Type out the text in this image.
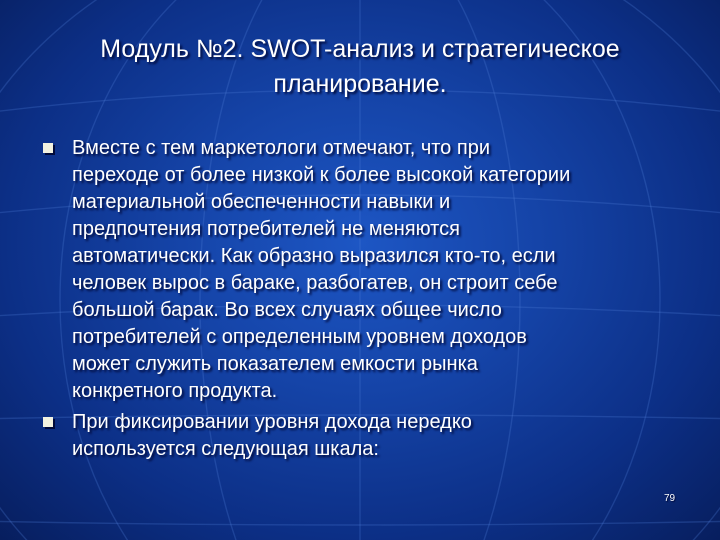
Модуль №2. SWOT-анализ и стратегическое
планирование.
Вместе с тем маркетологи отмечают, что при
переходе от более низкой к более высокой категории
материальной обеспеченности навыки и
предпочтения потребителей не меняются
автоматически. Как образно выразился кто-то, если
человек вырос в бараке, разбогатев, он строит себе
большой барак. Во всех случаях общее число
потребителей с определенным уровнем доходов
может служить показателем емкости рынка
конкретного продукта.
При фиксировании уровня дохода нередко
используется следующая шкала:
79
